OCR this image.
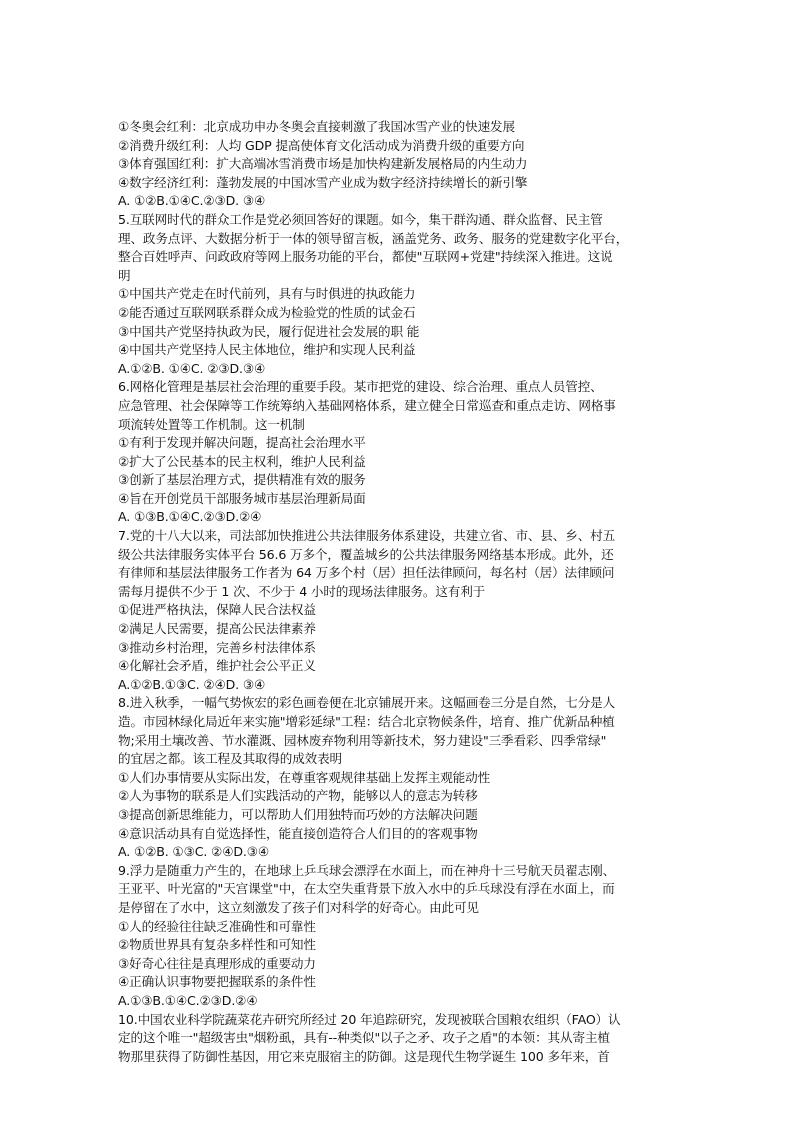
①冬奥会红利：北京成功申办冬奥会直接刺激了我国冰雪产业的快速发展
②消费升级红利：人均 GDP 提高使体育文化活动成为消费升级的重要方向
③体育强国红利：扩大高端冰雪消费市场是加快构建新发展格局的内生动力
④数字经济红利：蓬勃发展的中国冰雪产业成为数字经济持续增长的新引擎
A. ①②B.①④C.②③D. ③④
5.互联网时代的群众工作是党必须回答好的课题。如今，集干群沟通、群众监督、民主管
理、政务点评、大数据分析于一体的领导留言板，涵盖党务、政务、服务的党建数字化平台，
整合百姓呼声、问政政府等网上服务功能的平台，都使"互联网+党建"持续深入推进。这说
明
①中国共产党走在时代前列，具有与时俱进的执政能力
②能否通过互联网联系群众成为检验党的性质的试金石
③中国共产党坚持执政为民，履行促进社会发展的职 能
④中国共产党坚持人民主体地位，维护和实现人民利益
A.①②B. ①④C. ②③D.③④
6.网格化管理是基层社会治理的重要手段。某市把党的建设、综合治理、重点人员管控、
应急管理、社会保障等工作统筹纳入基础网格体系，建立健全日常巡查和重点走访、网格事
项流转处置等工作机制。这一机制
①有利于发现并解决问题，提高社会治理水平
②扩大了公民基本的民主权利，维护人民利益
③创新了基层治理方式，提供精准有效的服务
④旨在开创党员干部服务城市基层治理新局面
A. ①③B.①④C.②③D.②④
7.党的十八大以来，司法部加快推进公共法律服务体系建设，共建立省、市、县、乡、村五
级公共法律服务实体平台 56.6 万多个，覆盖城乡的公共法律服务网络基本形成。此外，还
有律师和基层法律服务工作者为 64 万多个村（居）担任法律顾问，每名村（居）法律顾问
需每月提供不少于 1 次、不少于 4 小时的现场法律服务。这有利于
①促进严格执法，保障人民合法权益
②满足人民需要，提高公民法律素养
③推动乡村治理，完善乡村法律体系
④化解社会矛盾，维护社会公平正义
A.①②B.①③C. ②④D. ③④
8.进入秋季，一幅气势恢宏的彩色画卷便在北京铺展开来。这幅画卷三分是自然，七分是人
造。市园林绿化局近年来实施"增彩延绿"工程：结合北京物候条件，培育、推广优新品种植
物;采用土壤改善、节水灌溉、园林废弃物利用等新技术，努力建设"三季看彩、四季常绿"
的宜居之都。该工程及其取得的成效表明
①人们办事情要从实际出发，在尊重客观规律基础上发挥主观能动性
②人为事物的联系是人们实践活动的产物，能够以人的意志为转移
③提高创新思维能力，可以帮助人们用独特而巧妙的方法解决问题
④意识活动具有自觉选择性，能直接创造符合人们目的的客观事物
A. ①②B. ①③C. ②④D.③④
9.浮力是随重力产生的，在地球上乒乓球会漂浮在水面上，而在神舟十三号航天员翟志刚、
王亚平、叶光富的"天宫课堂"中，在太空失重背景下放入水中的乒乓球没有浮在水面上，而
是停留在了水中，这立刻激发了孩子们对科学的好奇心。由此可见
①人的经验往往缺乏准确性和可靠性
②物质世界具有复杂多样性和可知性
③好奇心往往是真理形成的重要动力
④正确认识事物要把握联系的条件性
A.①③B.①④C.②③D.②④
10.中国农业科学院蔬菜花卉研究所经过 20 年追踪研究，发现被联合国粮农组织（FAO）认
定的这个唯一"超级害虫"烟粉虱，具有--种类似"以子之矛、攻子之盾"的本领：其从寄主植
物那里获得了防御性基因，用它来克服宿主的防御。这是现代生物学诞生 100 多年来，首
